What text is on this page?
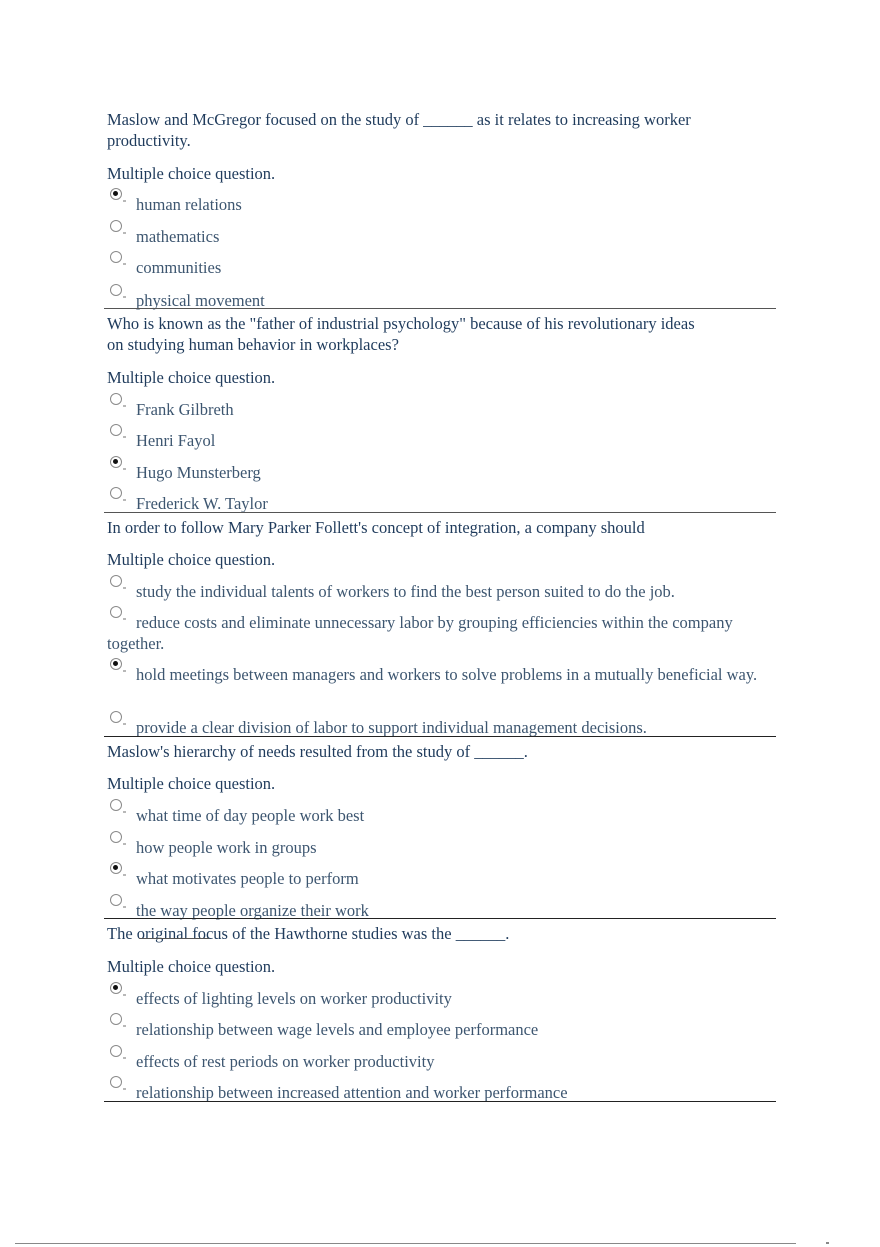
Maslow and McGregor focused on the study of ______ as it relates to increasing worker productivity.
Multiple choice question.
human relations
mathematics
communities
physical movement
Who is known as the "father of industrial psychology" because of his revolutionary ideas on studying human behavior in workplaces?
Multiple choice question.
Frank Gilbreth
Henri Fayol
Hugo Munsterberg
Frederick W. Taylor
In order to follow Mary Parker Follett's concept of integration, a company should
Multiple choice question.
study the individual talents of workers to find the best person suited to do the job.
reduce costs and eliminate unnecessary labor by grouping efficiencies within the company together.
hold meetings between managers and workers to solve problems in a mutually beneficial way.
provide a clear division of labor to support individual management decisions.
Maslow's hierarchy of needs resulted from the study of ______.
Multiple choice question.
what time of day people work best
how people work in groups
what motivates people to perform
the way people organize their work
The original focus of the Hawthorne studies was the ______.
Multiple choice question.
effects of lighting levels on worker productivity
relationship between wage levels and employee performance
effects of rest periods on worker productivity
relationship between increased attention and worker performance
